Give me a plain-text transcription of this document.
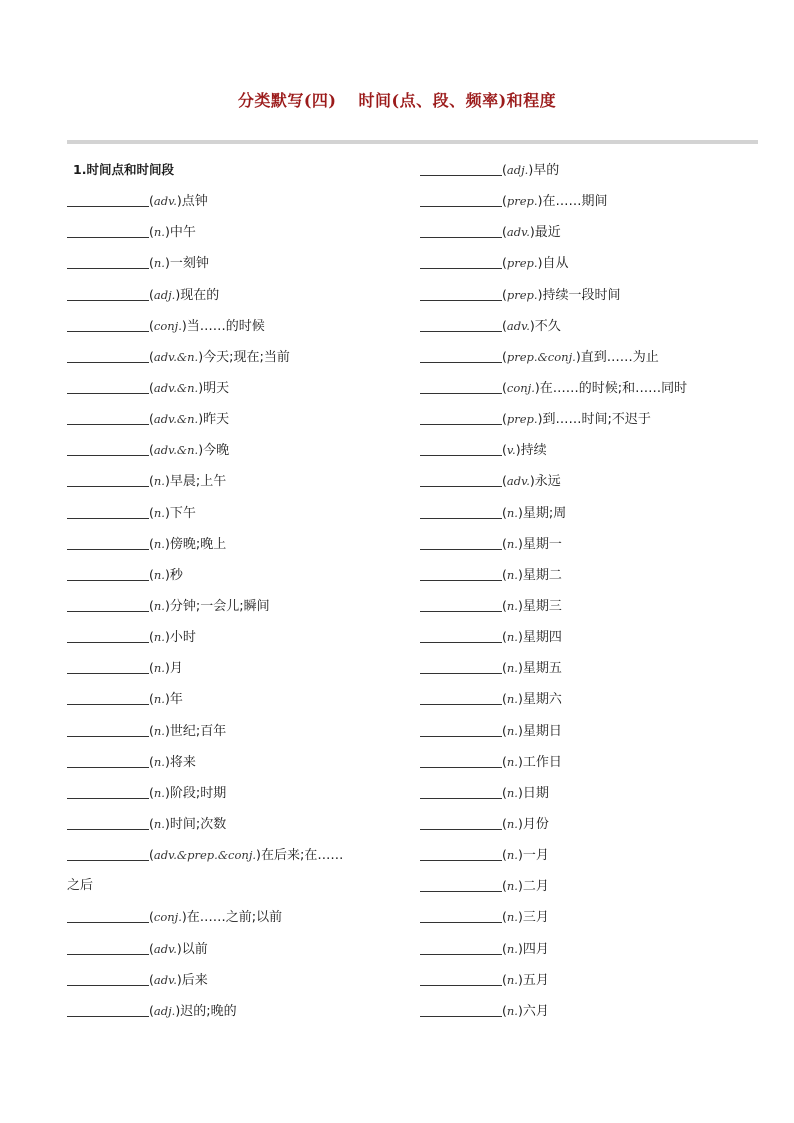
分类默写(四) 时间(点、段、频率)和程度
1.时间点和时间段
(adv.)点钟
(n.)中午
(n.)一刻钟
(adj.)现在的
(conj.)当……的时候
(adv.&n.)今天;现在;当前
(adv.&n.)明天
(adv.&n.)昨天
(adv.&n.)今晚
(n.)早晨;上午
(n.)下午
(n.)傍晚;晚上
(n.)秒
(n.)分钟;一会儿;瞬间
(n.)小时
(n.)月
(n.)年
(n.)世纪;百年
(n.)将来
(n.)阶段;时期
(n.)时间;次数
(adv.&prep.&conj.)在后来;在……
之后
(conj.)在……之前;以前
(adv.)以前
(adv.)后来
(adj.)迟的;晚的
(adj.)早的
(prep.)在……期间
(adv.)最近
(prep.)自从
(prep.)持续一段时间
(adv.)不久
(prep.&conj.)直到……为止
(conj.)在……的时候;和……同时
(prep.)到……时间;不迟于
(v.)持续
(adv.)永远
(n.)星期;周
(n.)星期一
(n.)星期二
(n.)星期三
(n.)星期四
(n.)星期五
(n.)星期六
(n.)星期日
(n.)工作日
(n.)日期
(n.)月份
(n.)一月
(n.)二月
(n.)三月
(n.)四月
(n.)五月
(n.)六月
